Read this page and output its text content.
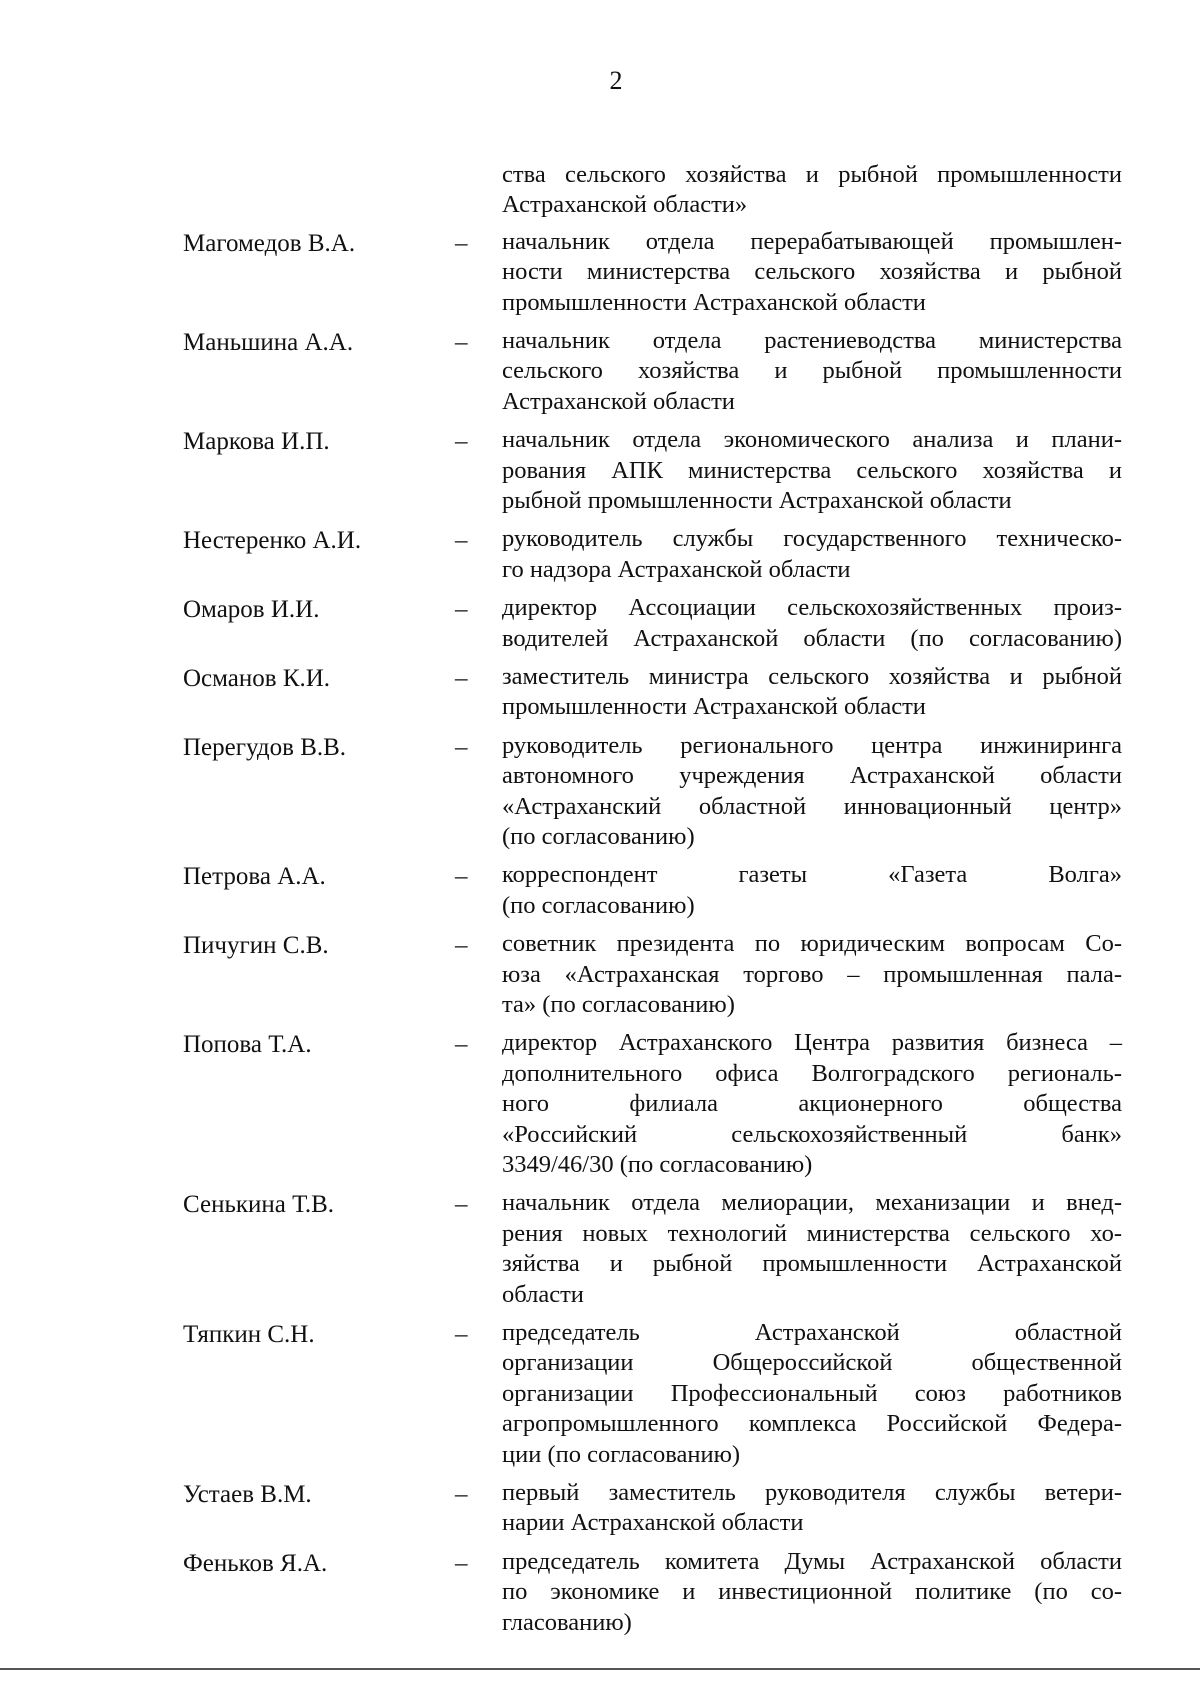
2
ства сельского хозяйства и рыбной промышленности
Астраханской области»
Магомедов В.А.	– начальник отдела перерабатывающей промышлен-
ности министерства сельского хозяйства и рыбной
промышленности Астраханской области
Маньшина А.А.	– начальник отдела растениеводства министерства
сельского хозяйства и рыбной промышленности
Астраханской области
Маркова И.П.	– начальник отдела экономического анализа и плани-
рования АПК министерства сельского хозяйства и
рыбной промышленности Астраханской области
Нестеренко А.И.	– руководитель службы государственного техническо-
го надзора Астраханской области
Омаров И.И.	– директор Ассоциации сельскохозяйственных произ-
водителей Астраханской области (по согласованию)
Османов К.И.	– заместитель министра сельского хозяйства и рыбной
промышленности Астраханской области
Перегудов В.В.	– руководитель регионального центра инжиниринга
автономного учреждения Астраханской области
«Астраханский областной инновационный центр»
(по согласованию)
Петрова А.А.	– корреспондент газеты «Газета Волга»
(по согласованию)
Пичугин С.В.	– советник президента по юридическим вопросам Со-
юза «Астраханская торгово – промышленная пала-
та» (по согласованию)
Попова Т.А.	– директор Астраханского Центра развития бизнеса –
дополнительного офиса Волгоградского региональ-
ного филиала акционерного общества
«Российский сельскохозяйственный банк»
3349/46/30 (по согласованию)
Сенькина Т.В.	– начальник отдела мелиорации, механизации и внед-
рения новых технологий министерства сельского хо-
зяйства и рыбной промышленности Астраханской
области
Тяпкин С.Н.	– председатель Астраханской областной
организации Общероссийской общественной
организации Профессиональный союз работников
агропромышленного комплекса Российской Федера-
ции (по согласованию)
Устаев В.М.	– первый заместитель руководителя службы ветери-
нарии Астраханской области
Феньков Я.А.	– председатель комитета Думы Астраханской области
по экономике и инвестиционной политике (по со-
гласованию)
